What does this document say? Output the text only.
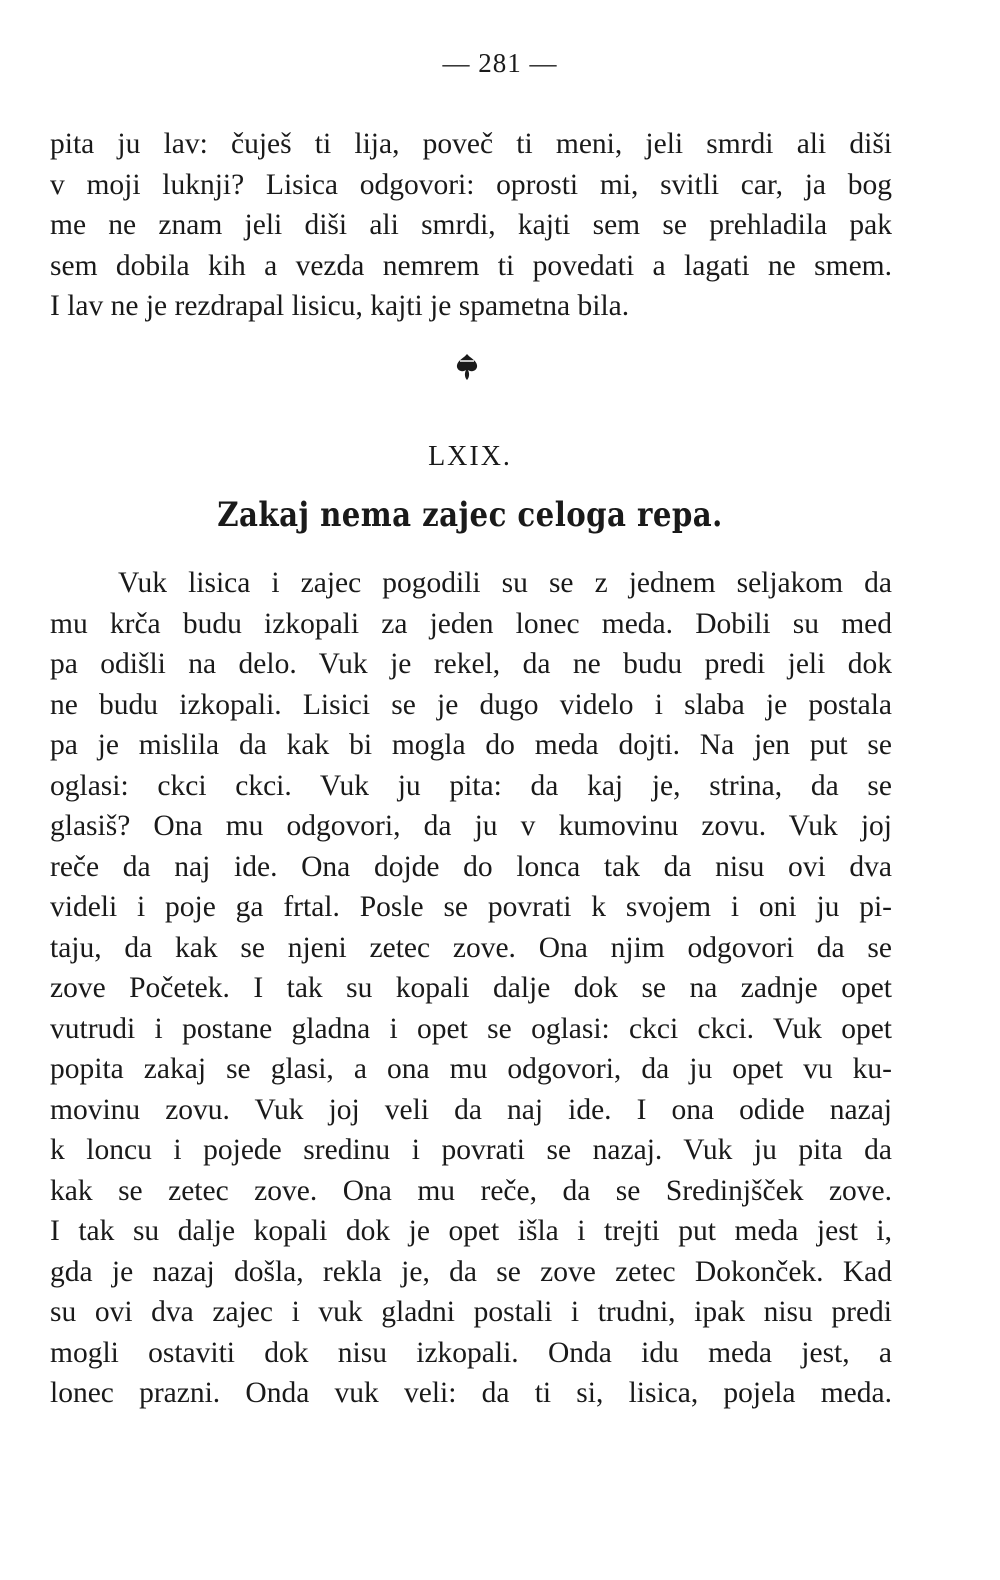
— 281 —
pita ju lav: čuješ ti lija, poveč ti meni, jeli smrdi ali diši
v moji luknji? Lisica odgovori: oprosti mi, svitli car, ja bog
me ne znam jeli diši ali smrdi, kajti sem se prehladila pak
sem dobila kih a vezda nemrem ti povedati a lagati ne smem.
I lav ne je rezdrapal lisicu, kajti je spametna bila.
LXIX.
Zakaj nema zajec celoga repa.
Vuk lisica i zajec pogodili su se z jednem seljakom da
mu krča budu izkopali za jeden lonec meda. Dobili su med
pa odišli na delo. Vuk je rekel, da ne budu predi jeli dok
ne budu izkopali. Lisici se je dugo videlo i slaba je postala
pa je mislila da kak bi mogla do meda dojti. Na jen put se
oglasi: ckci ckci. Vuk ju pita: da kaj je, strina, da se
glasiš? Ona mu odgovori, da ju v kumovinu zovu. Vuk joj
reče da naj ide. Ona dojde do lonca tak da nisu ovi dva
videli i poje ga frtal. Posle se povrati k svojem i oni ju pi-
taju, da kak se njeni zetec zove. Ona njim odgovori da se
zove Početek. I tak su kopali dalje dok se na zadnje opet
vutrudi i postane gladna i opet se oglasi: ckci ckci. Vuk opet
popita zakaj se glasi, a ona mu odgovori, da ju opet vu ku-
movinu zovu. Vuk joj veli da naj ide. I ona odide nazaj
k loncu i pojede sredinu i povrati se nazaj. Vuk ju pita da
kak se zetec zove. Ona mu reče, da se Sredinjšček zove.
I tak su dalje kopali dok je opet išla i trejti put meda jest i,
gda je nazaj došla, rekla je, da se zove zetec Dokonček. Kad
su ovi dva zajec i vuk gladni postali i trudni, ipak nisu predi
mogli ostaviti dok nisu izkopali. Onda idu meda jest, a
lonec prazni. Onda vuk veli: da ti si, lisica, pojela meda.
